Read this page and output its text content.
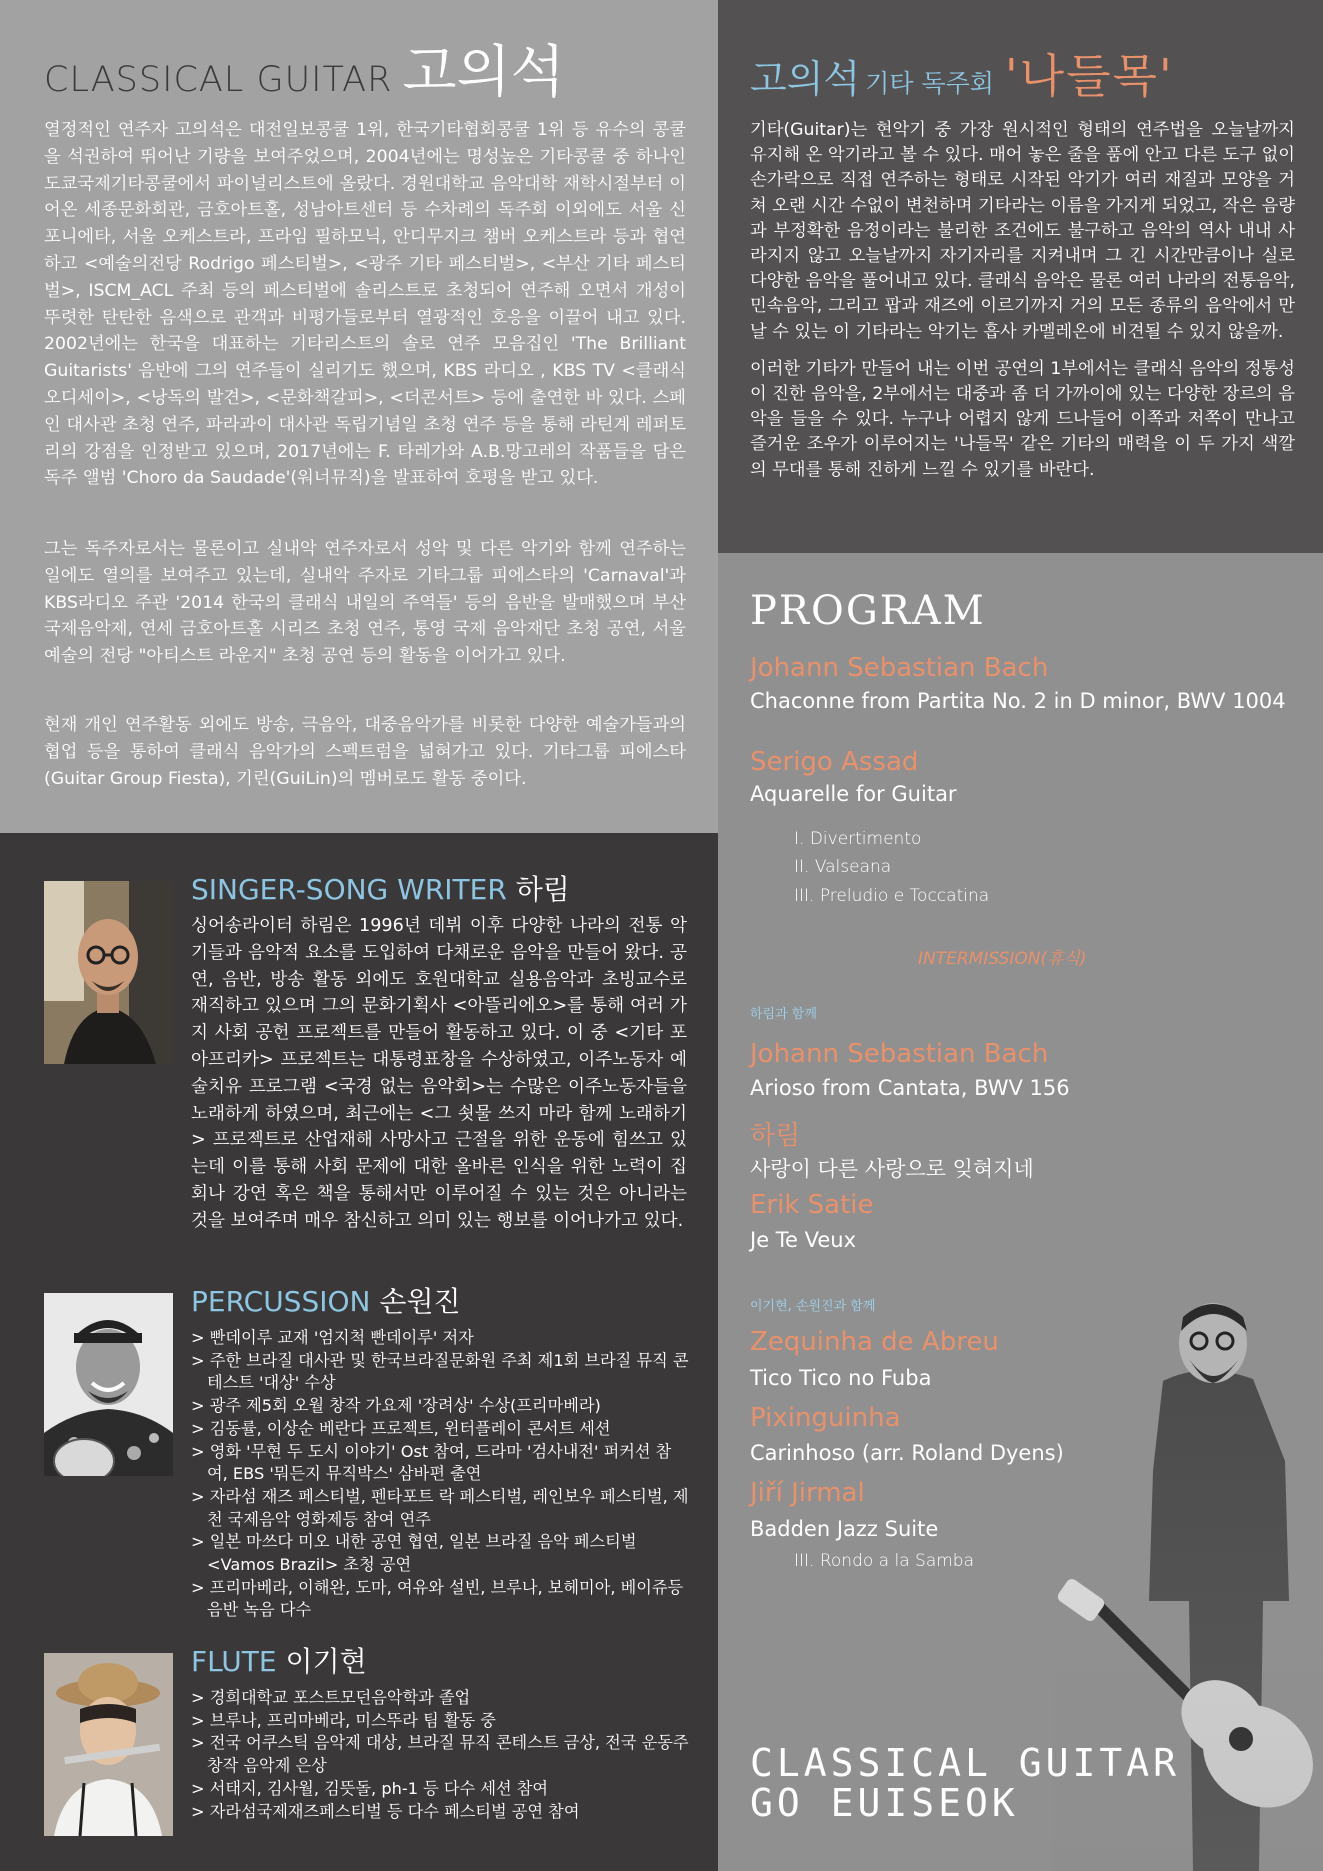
CLASSICAL GUITAR 고의석

열정적인 연주자 고의석은 대전일보콩쿨 1위, 한국기타협회콩쿨 1위 등 유수의 콩쿨을 석권하여 뛰어난 기량을 보여주었으며, 2004년에는 명성높은 기타콩쿨 중 하나인 도쿄국제기타콩쿨에서 파이널리스트에 올랐다. 경원대학교 음악대학 재학시절부터 이어온 세종문화회관, 금호아트홀, 성남아트센터 등 수차례의 독주회 이외에도 서울 신포니에타, 서울 오케스트라, 프라임 필하모닉, 안디무지크 챔버 오케스트라 등과 협연하고 <예술의전당 Rodrigo 페스티벌>, <광주 기타 페스티벌>, <부산 기타 페스티벌>, ISCM_ACL 주최 등의 페스티벌에 솔리스트로 초청되어 연주해 오면서 개성이 뚜렷한 탄탄한 음색으로 관객과 비평가들로부터 열광적인 호응을 이끌어 내고 있다. 2002년에는 한국을 대표하는 기타리스트의 솔로 연주 모음집인 'The Brilliant Guitarists' 음반에 그의 연주들이 실리기도 했으며, KBS 라디오 , KBS TV <클래식 오디세이>, <낭독의 발견>, <문화책갈피>, <더콘서트> 등에 출연한 바 있다. 스페인 대사관 초청 연주, 파라과이 대사관 독립기념일 초청 연주 등을 통해 라틴계 레퍼토리의 강점을 인정받고 있으며, 2017년에는 F. 타레가와 A.B.망고레의 작품들을 담은 독주 앨범 'Choro da Saudade'(워너뮤직)을 발표하여 호평을 받고 있다.

그는 독주자로서는 물론이고 실내악 연주자로서 성악 및 다른 악기와 함께 연주하는 일에도 열의를 보여주고 있는데, 실내악 주자로 기타그룹 피에스타의 'Carnaval'과 KBS라디오 주관 '2014 한국의 클래식 내일의 주역들' 등의 음반을 발매했으며 부산국제음악제, 연세 금호아트홀 시리즈 초청 연주, 통영 국제 음악재단 초청 공연, 서울 예술의 전당 "아티스트 라운지" 초청 공연 등의 활동을 이어가고 있다.

현재 개인 연주활동 외에도 방송, 극음악, 대중음악가를 비롯한 다양한 예술가들과의 협업 등을 통하여 클래식 음악가의 스펙트럼을 넓혀가고 있다. 기타그룹 피에스타(Guitar Group Fiesta), 기린(GuiLin)의 멤버로도 활동 중이다.

SINGER-SONG WRITER 하림

싱어송라이터 하림은 1996년 데뷔 이후 다양한 나라의 전통 악기들과 음악적 요소를 도입하여 다채로운 음악을 만들어 왔다. 공연, 음반, 방송 활동 외에도 호원대학교 실용음악과 초빙교수로 재직하고 있으며 그의 문화기획사 <아뜰리에오>를 통해 여러 가지 사회 공헌 프로젝트를 만들어 활동하고 있다. 이 중 <기타 포 아프리카> 프로젝트는 대통령표창을 수상하였고, 이주노동자 예술치유 프로그램 <국경 없는 음악회>는 수많은 이주노동자들을 노래하게 하였으며, 최근에는 <그 쇳물 쓰지 마라 함께 노래하기> 프로젝트로 산업재해 사망사고 근절을 위한 운동에 힘쓰고 있는데 이를 통해 사회 문제에 대한 올바른 인식을 위한 노력이 집회나 강연 혹은 책을 통해서만 이루어질 수 있는 것은 아니라는 것을 보여주며 매우 참신하고 의미 있는 행보를 이어나가고 있다.

PERCUSSION 손원진
> 빤데이루 교재 '엄지척 빤데이루' 저자
> 주한 브라질 대사관 및 한국브라질문화원 주최 제1회 브라질 뮤직 콘테스트 '대상' 수상
> 광주 제5회 오월 창작 가요제 '장려상' 수상(프리마베라)
> 김동률, 이상순 베란다 프로젝트, 윈터플레이 콘서트 세션
> 영화 '무현 두 도시 이야기' Ost 참여, 드라마 '검사내전' 퍼커션 참여, EBS '뭐든지 뮤직박스' 삼바편 출연
> 자라섬 재즈 페스티벌, 펜타포트 락 페스티벌, 레인보우 페스티벌, 제천 국제음악 영화제등 참여 연주
> 일본 마쓰다 미오 내한 공연 협연, 일본 브라질 음악 페스티벌 <Vamos Brazil> 초청 공연
> 프리마베라, 이해완, 도마, 여유와 설빈, 브루나, 보헤미아, 베이쥬등 음반 녹음 다수
FLUTE 이기현
> 경희대학교 포스트모던음악학과 졸업
> 브루나, 프리마베라, 미스뚜라 팀 활동 중
> 전국 어쿠스틱 음악제 대상, 브라질 뮤직 콘테스트 금상, 전국 운동주 창작 음악제 은상
> 서태지, 김사월, 김뜻돌, ph-1 등 다수 세션 참여
> 자라섬국제재즈페스티벌 등 다수 페스티벌 공연 참여
고의석 기타 독주회 '나들목'

기타(Guitar)는 현악기 중 가장 원시적인 형태의 연주법을 오늘날까지 유지해 온 악기라고 볼 수 있다. 매어 놓은 줄을 품에 안고 다른 도구 없이 손가락으로 직접 연주하는 형태로 시작된 악기가 여러 재질과 모양을 거쳐 오랜 시간 수없이 변천하며 기타라는 이름을 가지게 되었고, 작은 음량과 부정확한 음정이라는 불리한 조건에도 불구하고 음악의 역사 내내 사라지지 않고 오늘날까지 자기자리를 지켜내며 그 긴 시간만큼이나 실로 다양한 음악을 풀어내고 있다. 클래식 음악은 물론 여러 나라의 전통음악, 민속음악, 그리고 팝과 재즈에 이르기까지 거의 모든 종류의 음악에서 만날 수 있는 이 기타라는 악기는 흡사 카멜레온에 비견될 수 있지 않을까.

이러한 기타가 만들어 내는 이번 공연의 1부에서는 클래식 음악의 정통성이 진한 음악을, 2부에서는 대중과 좀 더 가까이에 있는 다양한 장르의 음악을 들을 수 있다. 누구나 어렵지 않게 드나들어 이쪽과 저쪽이 만나고 즐거운 조우가 이루어지는 '나들목' 같은 기타의 매력을 이 두 가지 색깔의 무대를 통해 진하게 느낄 수 있기를 바란다.

PROGRAM
Johann Sebastian Bach
Chaconne from Partita No. 2 in D minor, BWV 1004
Serigo Assad
Aquarelle for Guitar
I. Divertimento
II. Valseana
III. Preludio e Toccatina
INTERMISSION(휴식)
하림과 함께
Johann Sebastian Bach
Arioso from Cantata, BWV 156
하림
사랑이 다른 사랑으로 잊혀지네
Erik Satie
Je Te Veux
이기현, 손원진과 함께
Zequinha de Abreu
Tico Tico no Fuba
Pixinguinha
Carinhoso (arr. Roland Dyens)
Jiří Jirmal
Badden Jazz Suite
III. Rondo a la Samba
CLASSICAL GUITAR
GO EUISEOK
